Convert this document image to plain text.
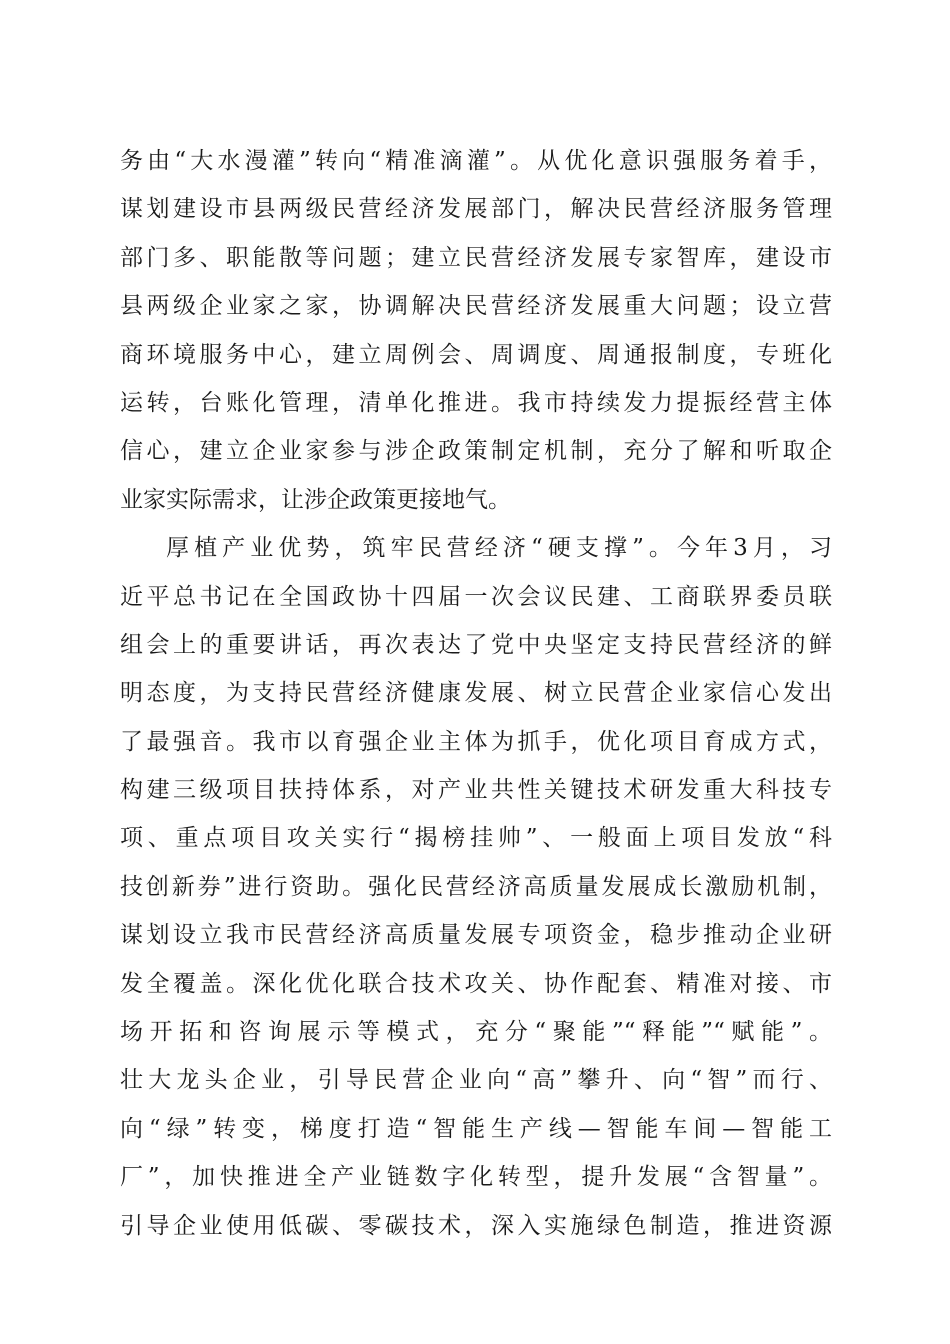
务由“大水漫灌”转向“精准滴灌”。从优化意识强服务着手，
谋划建设市县两级民营经济发展部门，解决民营经济服务管理
部门多、职能散等问题；建立民营经济发展专家智库，建设市
县两级企业家之家，协调解决民营经济发展重大问题；设立营
商环境服务中心，建立周例会、周调度、周通报制度，专班化
运转，台账化管理，清单化推进。我市持续发力提振经营主体
信心，建立企业家参与涉企政策制定机制，充分了解和听取企
业家实际需求，让涉企政策更接地气。
厚植产业优势，筑牢民营经济“硬支撑”。今年3月，习
近平总书记在全国政协十四届一次会议民建、工商联界委员联
组会上的重要讲话，再次表达了党中央坚定支持民营经济的鲜
明态度，为支持民营经济健康发展、树立民营企业家信心发出
了最强音。我市以育强企业主体为抓手，优化项目育成方式，
构建三级项目扶持体系，对产业共性关键技术研发重大科技专
项、重点项目攻关实行“揭榜挂帅”、一般面上项目发放“科
技创新券”进行资助。强化民营经济高质量发展成长激励机制，
谋划设立我市民营经济高质量发展专项资金，稳步推动企业研
发全覆盖。深化优化联合技术攻关、协作配套、精准对接、市
场开拓和咨询展示等模式，充分“聚能”“释能”“赋能”。
壮大龙头企业，引导民营企业向“高”攀升、向“智”而行、
向“绿”转变，梯度打造“智能生产线—智能车间—智能工
厂”，加快推进全产业链数字化转型，提升发展“含智量”。
引导企业使用低碳、零碳技术，深入实施绿色制造，推进资源
